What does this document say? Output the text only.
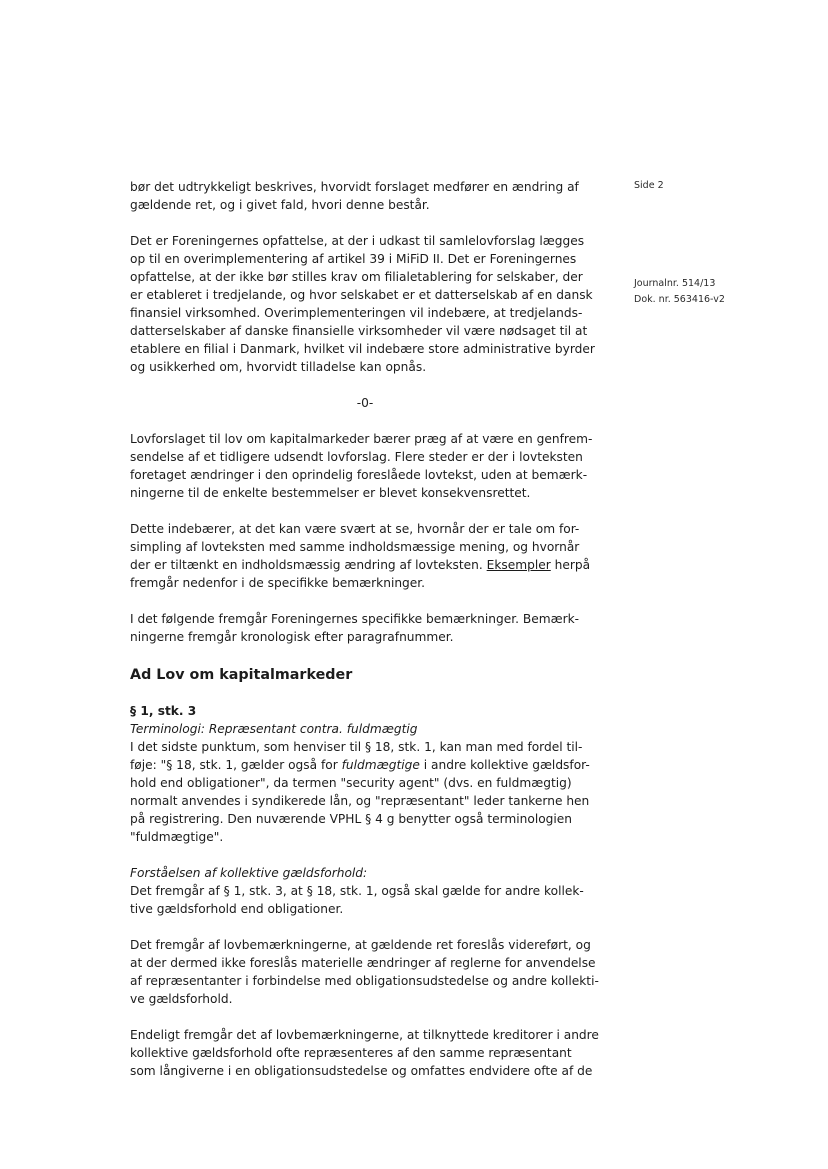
Side 2
Journalnr. 514/13
Dok. nr. 563416-v2

bør det udtrykkeligt beskrives, hvorvidt forslaget medfører en ændring af
gældende ret, og i givet fald, hvori denne består.

Det er Foreningernes opfattelse, at der i udkast til samlelovforslag lægges
op til en overimplementering af artikel 39 i MiFiD II. Det er Foreningernes
opfattelse, at der ikke bør stilles krav om filialetablering for selskaber, der
er etableret i tredjelande, og hvor selskabet er et datterselskab af en dansk
finansiel virksomhed. Overimplementeringen vil indebære, at tredjelands-
datterselskaber af danske finansielle virksomheder vil være nødsaget til at
etablere en filial i Danmark, hvilket vil indebære store administrative byrder
og usikkerhed om, hvorvidt tilladelse kan opnås.

-0-

Lovforslaget til lov om kapitalmarkeder bærer præg af at være en genfrem-
sendelse af et tidligere udsendt lovforslag. Flere steder er der i lovteksten
foretaget ændringer i den oprindelig foreslåede lovtekst, uden at bemærk-
ningerne til de enkelte bestemmelser er blevet konsekvensrettet.

Dette indebærer, at det kan være svært at se, hvornår der er tale om for-
simpling af lovteksten med samme indholdsmæssige mening, og hvornår
der er tiltænkt en indholdsmæssig ændring af lovteksten. Eksempler herpå
fremgår nedenfor i de specifikke bemærkninger.

I det følgende fremgår Foreningernes specifikke bemærkninger. Bemærk-
ningerne fremgår kronologisk efter paragrafnummer.

Ad Lov om kapitalmarkeder
§ 1, stk. 3
Terminologi: Repræsentant contra. fuldmægtig

I det sidste punktum, som henviser til § 18, stk. 1, kan man med fordel til-
føje: "§ 18, stk. 1, gælder også for fuldmægtige i andre kollektive gældsfor-
hold end obligationer", da termen "security agent" (dvs. en fuldmægtig)
normalt anvendes i syndikerede lån, og "repræsentant" leder tankerne hen
på registrering. Den nuværende VPHL § 4 g benytter også terminologien
"fuldmægtige".

Forståelsen af kollektive gældsforhold:

Det fremgår af § 1, stk. 3, at § 18, stk. 1, også skal gælde for andre kollek-
tive gældsforhold end obligationer.

Det fremgår af lovbemærkningerne, at gældende ret foreslås videreført, og
at der dermed ikke foreslås materielle ændringer af reglerne for anvendelse
af repræsentanter i forbindelse med obligationsudstedelse og andre kollekti-
ve gældsforhold.

Endeligt fremgår det af lovbemærkningerne, at tilknyttede kreditorer i andre
kollektive gældsforhold ofte repræsenteres af den samme repræsentant
som långiverne i en obligationsudstedelse og omfattes endvidere ofte af de
